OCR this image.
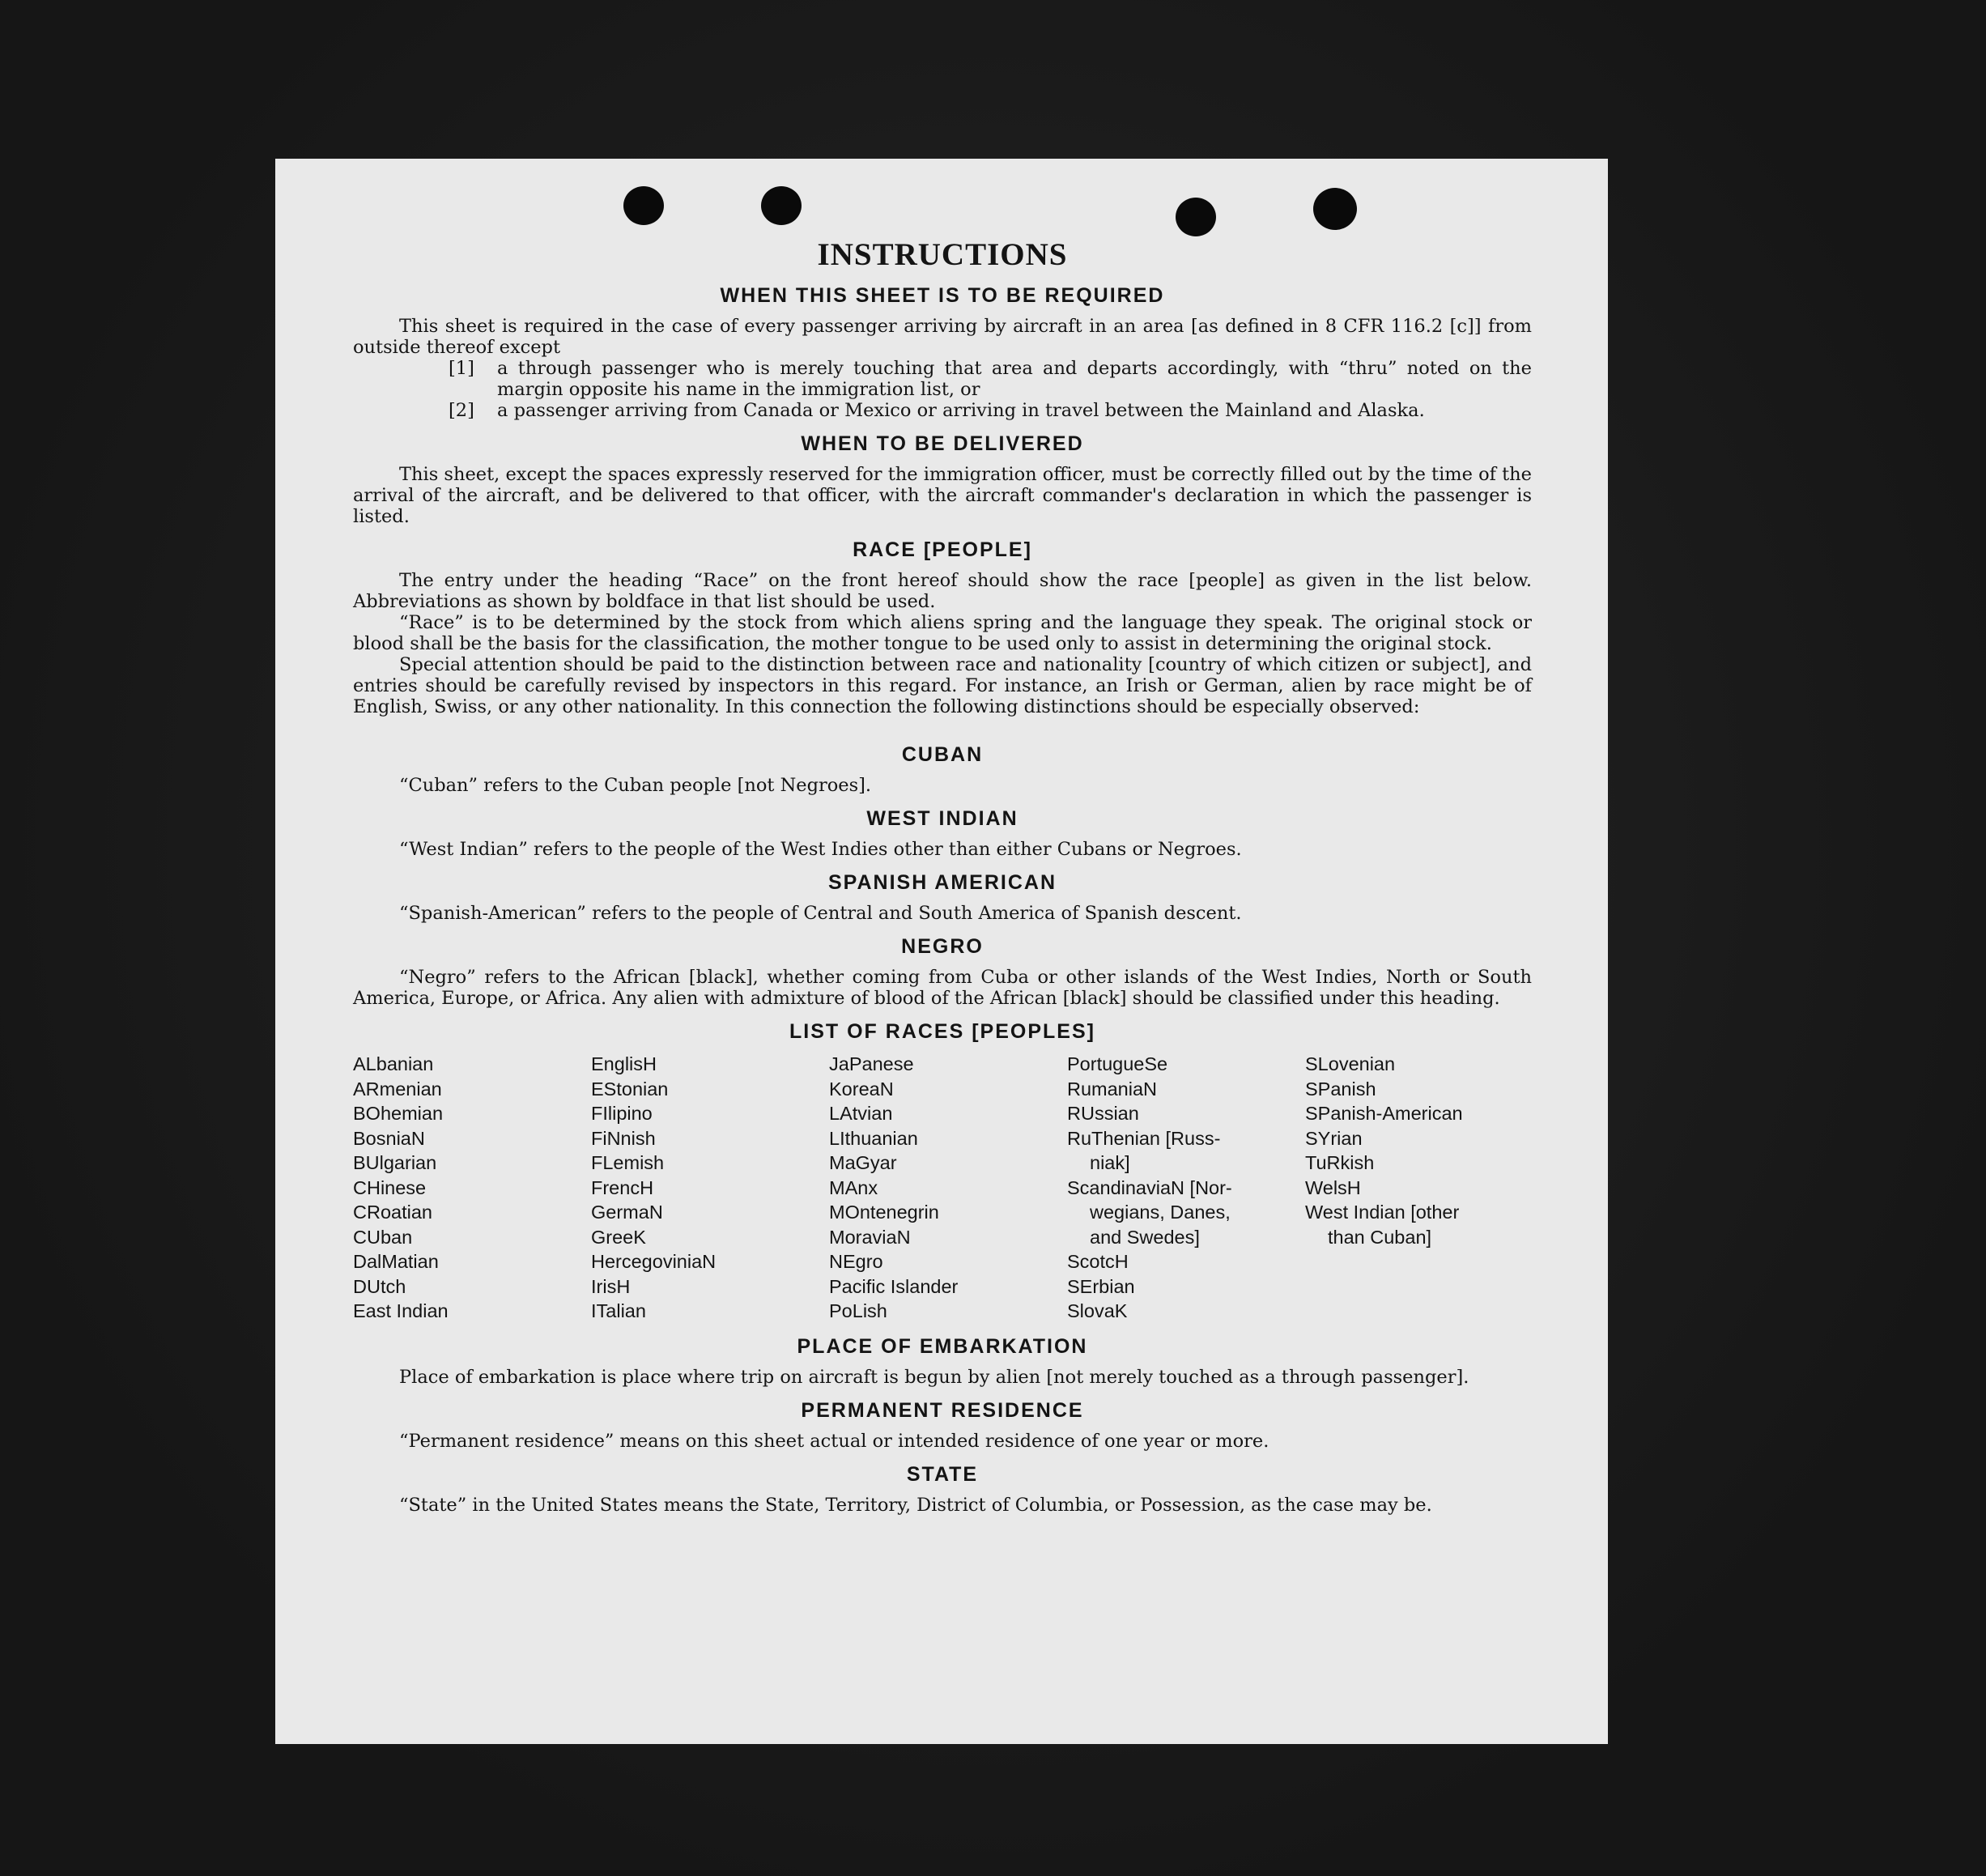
INSTRUCTIONS
WHEN THIS SHEET IS TO BE REQUIRED

This sheet is required in the case of every passenger arriving by aircraft in an area [as defined in 8 CFR 116.2 [c]] from outside thereof except

[1]	a through passenger who is merely touching that area and departs accordingly, with “thru” noted on the margin opposite his name in the immigration list, or
[2]	a passenger arriving from Canada or Mexico or arriving in travel between the Mainland and Alaska.
WHEN TO BE DELIVERED

This sheet, except the spaces expressly reserved for the immigration officer, must be correctly filled out by the time of the arrival of the aircraft, and be delivered to that officer, with the aircraft commander's declaration in which the passenger is listed.

RACE [PEOPLE]

The entry under the heading “Race” on the front hereof should show the race [people] as given in the list below. Abbreviations as shown by boldface in that list should be used.

“Race” is to be determined by the stock from which aliens spring and the language they speak. The original stock or blood shall be the basis for the classification, the mother tongue to be used only to assist in determining the original stock.

Special attention should be paid to the distinction between race and nationality [country of which citizen or subject], and entries should be carefully revised by inspectors in this regard. For instance, an Irish or German, alien by race might be of English, Swiss, or any other nationality. In this connection the following distinctions should be especially observed:

CUBAN

“Cuban” refers to the Cuban people [not Negroes].

WEST INDIAN

“West Indian” refers to the people of the West Indies other than either Cubans or Negroes.

SPANISH AMERICAN

“Spanish-American” refers to the people of Central and South America of Spanish descent.

NEGRO

“Negro” refers to the African [black], whether coming from Cuba or other islands of the West Indies, North or South America, Europe, or Africa. Any alien with admixture of blood of the African [black] should be classified under this heading.

LIST OF RACES [PEOPLES]
ALbanian
ARmenian
BOhemian
BosniaN
BUlgarian
CHinese
CRoatian
CUban
DalMatian
DUtch
East Indian
EnglisH
EStonian
FIlipino
FiNnish
FLemish
FrencH
GermaN
GreeK
HercegoviniaN
IrisH
ITalian
JaPanese
KoreaN
LAtvian
LIthuanian
MaGyar
MAnx
MOntenegrin
MoraviaN
NEgro
Pacific Islander
PoLish
PortugueSe
RumaniaN
RUssian
RuThenian [Russ-
niak]
ScandinaviaN [Nor-
wegians, Danes,
and Swedes]
ScotcH
SErbian
SlovaK
SLovenian
SPanish
SPanish-American
SYrian
TuRkish
WelsH
West Indian [other
than Cuban]
PLACE OF EMBARKATION

Place of embarkation is place where trip on aircraft is begun by alien [not merely touched as a through passenger].

PERMANENT RESIDENCE

“Permanent residence” means on this sheet actual or intended residence of one year or more.

STATE

“State” in the United States means the State, Territory, District of Columbia, or Possession, as the case may be.
